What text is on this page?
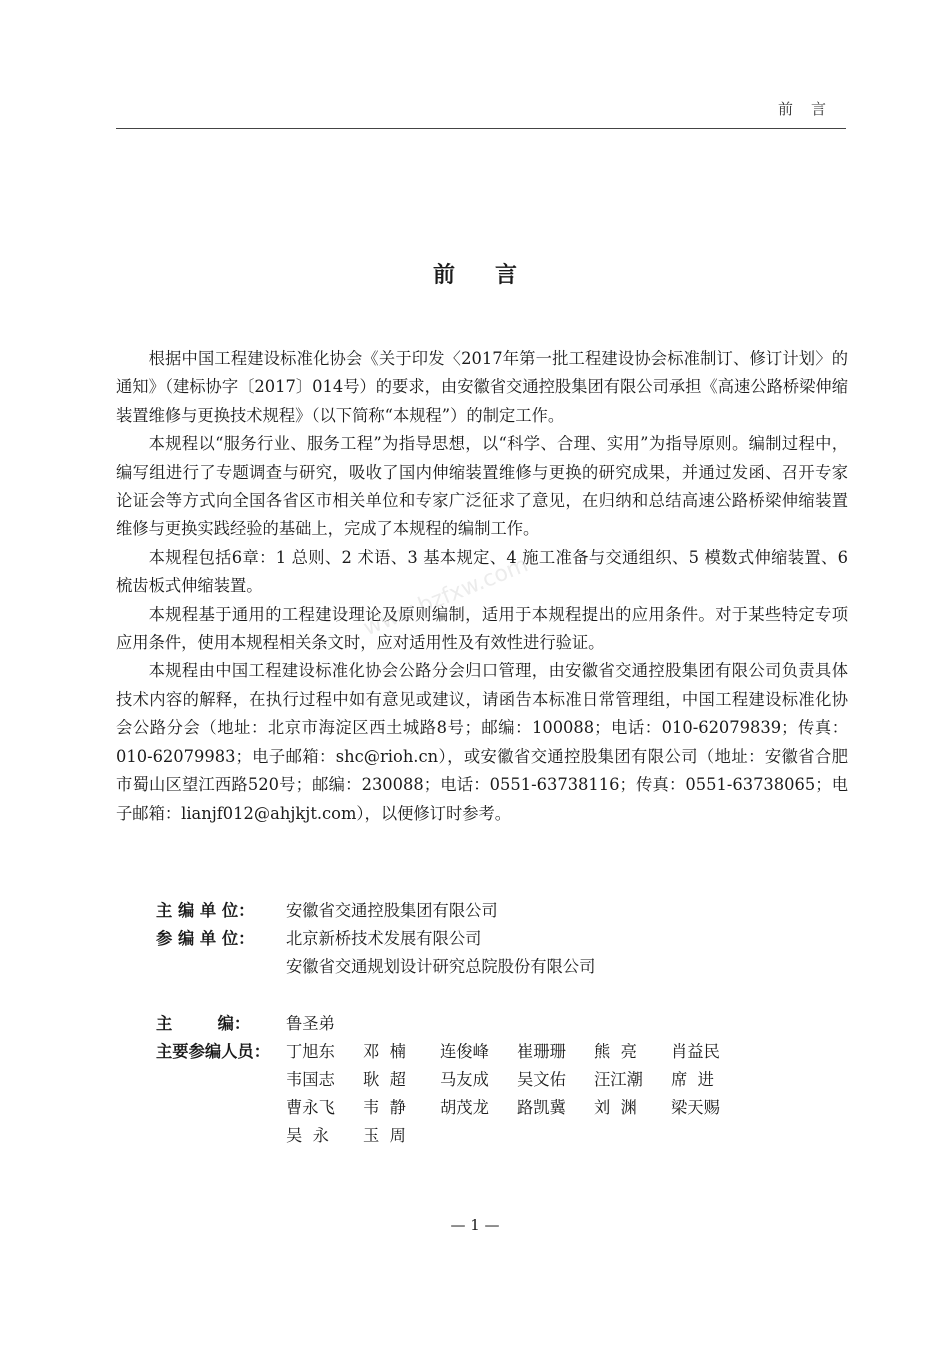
前言
前言

根据中国工程建设标准化协会《关于印发〈2017年第一批工程建设协会标准制订、修订计划〉的通知》（建标协字〔2017〕014号）的要求，由安徽省交通控股集团有限公司承担《高速公路桥梁伸缩装置维修与更换技术规程》（以下简称“本规程”）的制定工作。

本规程以“服务行业、服务工程”为指导思想，以“科学、合理、实用”为指导原则。编制过程中，编写组进行了专题调查与研究，吸收了国内伸缩装置维修与更换的研究成果，并通过发函、召开专家论证会等方式向全国各省区市相关单位和专家广泛征求了意见，在归纳和总结高速公路桥梁伸缩装置维修与更换实践经验的基础上，完成了本规程的编制工作。

本规程包括6章：1 总则、2 术语、3 基本规定、4 施工准备与交通组织、5 模数式伸缩装置、6 梳齿板式伸缩装置。

本规程基于通用的工程建设理论及原则编制，适用于本规程提出的应用条件。对于某些特定专项应用条件，使用本规程相关条文时，应对适用性及有效性进行验证。

本规程由中国工程建设标准化协会公路分会归口管理，由安徽省交通控股集团有限公司负责具体技术内容的解释，在执行过程中如有意见或建议，请函告本标准日常管理组，中国工程建设标准化协会公路分会（地址：北京市海淀区西土城路8号；邮编：100088；电话：010-62079839；传真：010-62079983；电子邮箱：shc@rioh.cn），或安徽省交通控股集团有限公司（地址：安徽省合肥市蜀山区望江西路520号；邮编：230088；电话：0551-63738116；传真：0551-63738065；电子邮箱：lianjf012@ahjkjt.com），以便修订时参考。

主 编 单 位：	安徽省交通控股集团有限公司
参 编 单 位：	北京新桥技术发展有限公司
安徽省交通规划设计研究总院股份有限公司
主        编：	鲁圣弟
主要参编人员： 丁旭东	邓  楠	连俊峰	崔珊珊	熊  亮	肖益民
韦国志	耿  超	马友成	吴文佑	汪江潮	席  进
曹永飞	韦  静	胡茂龙	路凯冀	刘  渊	梁天赐
吴  永	玉  周
www.bzfxw.com
— 1 —
